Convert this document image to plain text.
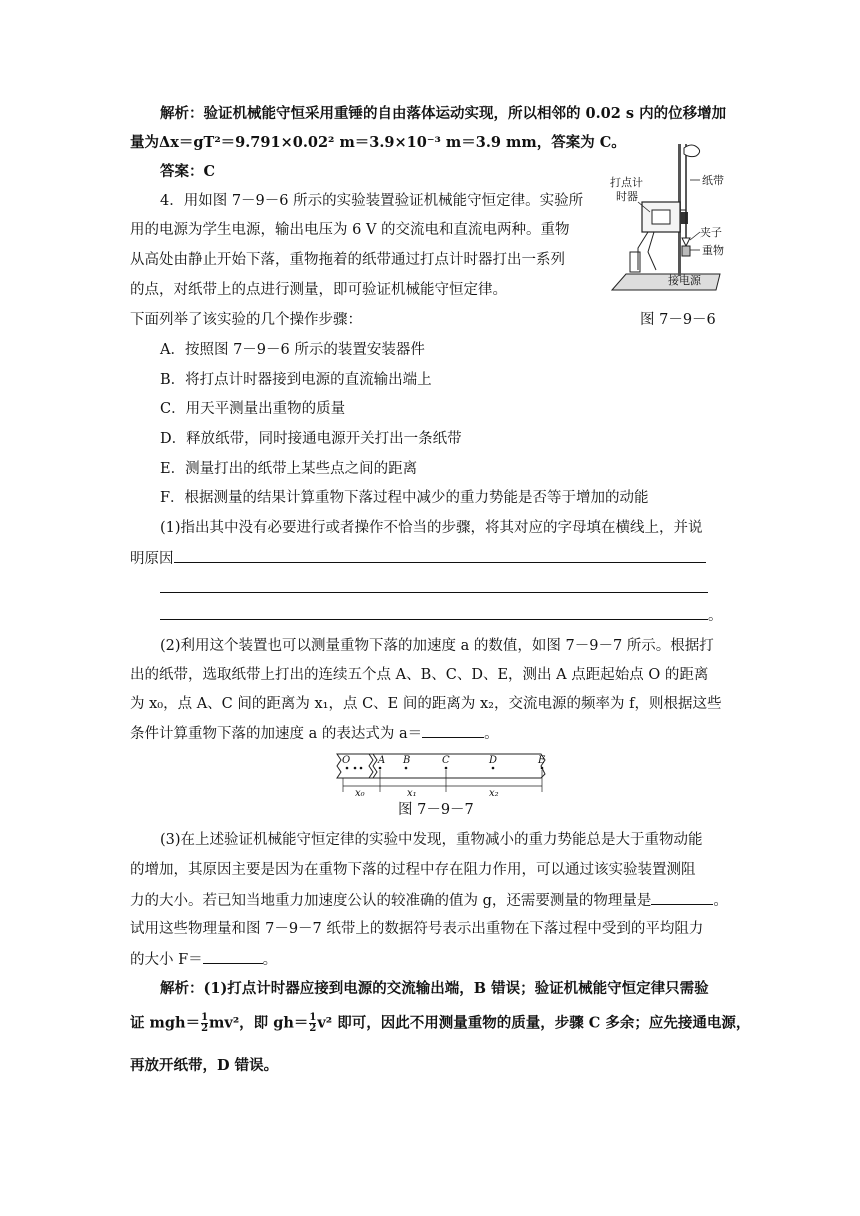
解析：验证机械能守恒采用重锤的自由落体运动实现，所以相邻的 0.02 s 内的位移增加
量为Δx＝gT²＝9.791×0.02² m＝3.9×10⁻³ m＝3.9 mm，答案为 C。
答案：C
4．用如图 7－9－6 所示的实验装置验证机械能守恒定律。实验所
用的电源为学生电源，输出电压为 6 V 的交流电和直流电两种。重物
从高处由静止开始下落，重物拖着的纸带通过打点计时器打出一系列
的点，对纸带上的点进行测量，即可验证机械能守恒定律。
下面列举了该实验的几个操作步骤：
打点计
时器
纸带
夹子
重物
接电源
图 7－9－6
A．按照图 7－9－6 所示的装置安装器件
B．将打点计时器接到电源的直流输出端上
C．用天平测量出重物的质量
D．释放纸带，同时接通电源开关打出一条纸带
E．测量打出的纸带上某些点之间的距离
F．根据测量的结果计算重物下落过程中减少的重力势能是否等于增加的动能
(1)指出其中没有必要进行或者操作不恰当的步骤，将其对应的字母填在横线上，并说
明原因
。
(2)利用这个装置也可以测量重物下落的加速度 a 的数值，如图 7－9－7 所示。根据打
出的纸带，选取纸带上打出的连续五个点 A、B、C、D、E，测出 A 点距起始点 O 的距离
为 x₀，点 A、C 间的距离为 x₁，点 C、E 间的距离为 x₂，交流电源的频率为 f，则根据这些
条件计算重物下落的加速度 a 的表达式为 a＝	。
O	A B	C	D	E
x₀	x₁	x₂
图 7－9－7
(3)在上述验证机械能守恒定律的实验中发现，重物减小的重力势能总是大于重物动能
的增加，其原因主要是因为在重物下落的过程中存在阻力作用，可以通过该实验装置测阻
力的大小。若已知当地重力加速度公认的较准确的值为 g，还需要测量的物理量是	。
试用这些物理量和图 7－9－7 纸带上的数据符号表示出重物在下落过程中受到的平均阻力
的大小 F＝	。
解析：(1)打点计时器应接到电源的交流输出端，B 错误；验证机械能守恒定律只需验
证 $mgh= \frac{1}{2} mv^2$，即 $gh= \frac{1}{2} v^2$ 即可，因此不用测量重物的质量，步骤 C 多余；应先接通电源，
再放开纸带，D 错误。
